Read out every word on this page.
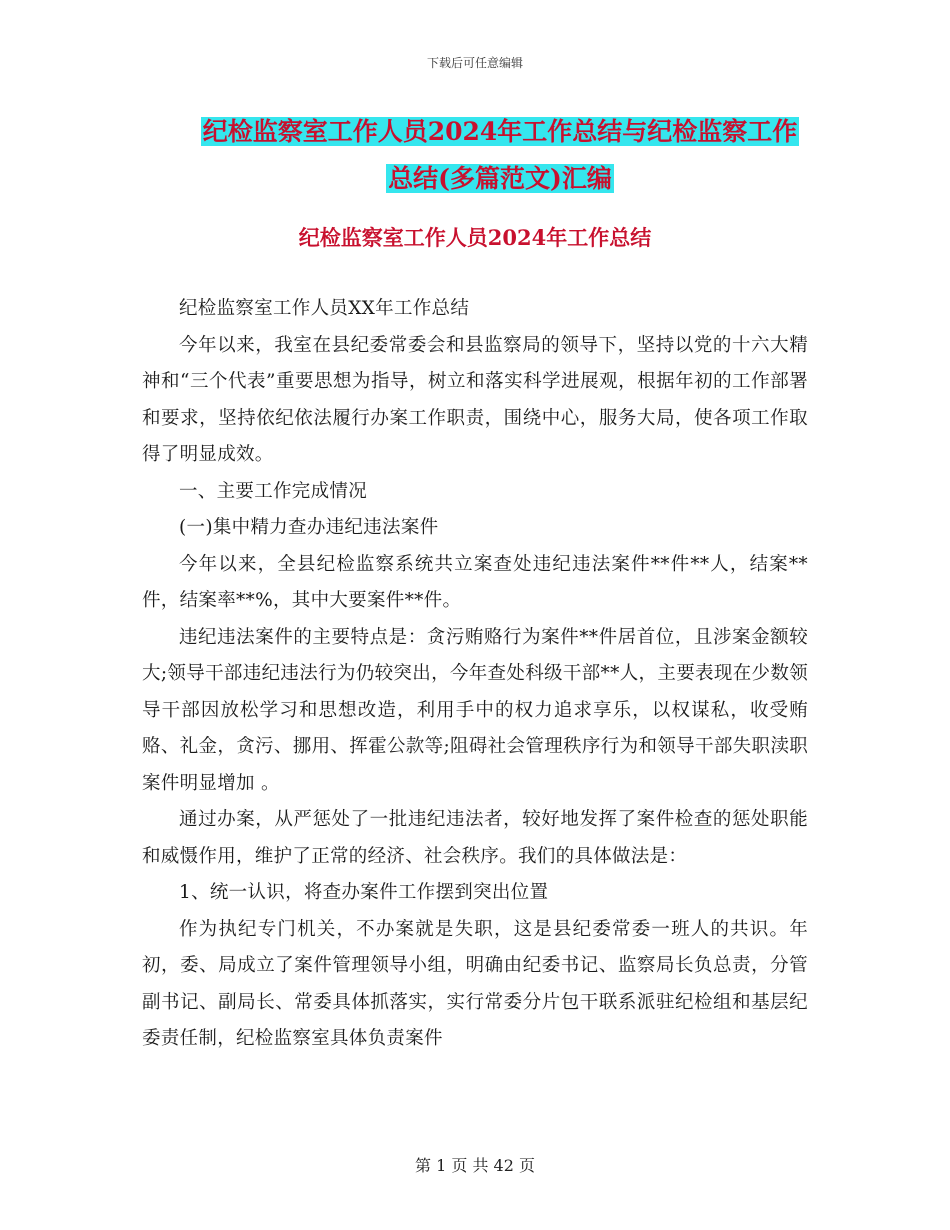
下载后可任意编辑
纪检监察室工作人员2024年工作总结与纪检监察工作
总结(多篇范文)汇编
纪检监察室工作人员2024年工作总结

纪检监察室工作人员XX年工作总结

今年以来，我室在县纪委常委会和县监察局的领导下，坚持以党的十六大精神和“三个代表”重要思想为指导，树立和落实科学进展观，根据年初的工作部署和要求，坚持依纪依法履行办案工作职责，围绕中心，服务大局，使各项工作取得了明显成效。

一、主要工作完成情况

(一)集中精力查办违纪违法案件

今年以来，全县纪检监察系统共立案查处违纪违法案件**件**人，结案**件，结案率**%，其中大要案件**件。

违纪违法案件的主要特点是：贪污贿赂行为案件**件居首位，且涉案金额较大;领导干部违纪违法行为仍较突出，今年查处科级干部**人，主要表现在少数领导干部因放松学习和思想改造，利用手中的权力追求享乐，以权谋私，收受贿赂、礼金，贪污、挪用、挥霍公款等;阻碍社会管理秩序行为和领导干部失职渎职案件明显增加 。

通过办案，从严惩处了一批违纪违法者，较好地发挥了案件检查的惩处职能和威慑作用，维护了正常的经济、社会秩序。我们的具体做法是：

1、统一认识，将查办案件工作摆到突出位置

作为执纪专门机关，不办案就是失职，这是县纪委常委一班人的共识。年初，委、局成立了案件管理领导小组，明确由纪委书记、监察局长负总责，分管副书记、副局长、常委具体抓落实，实行常委分片包干联系派驻纪检组和基层纪委责任制，纪检监察室具体负责案件

第 1 页 共 42 页
